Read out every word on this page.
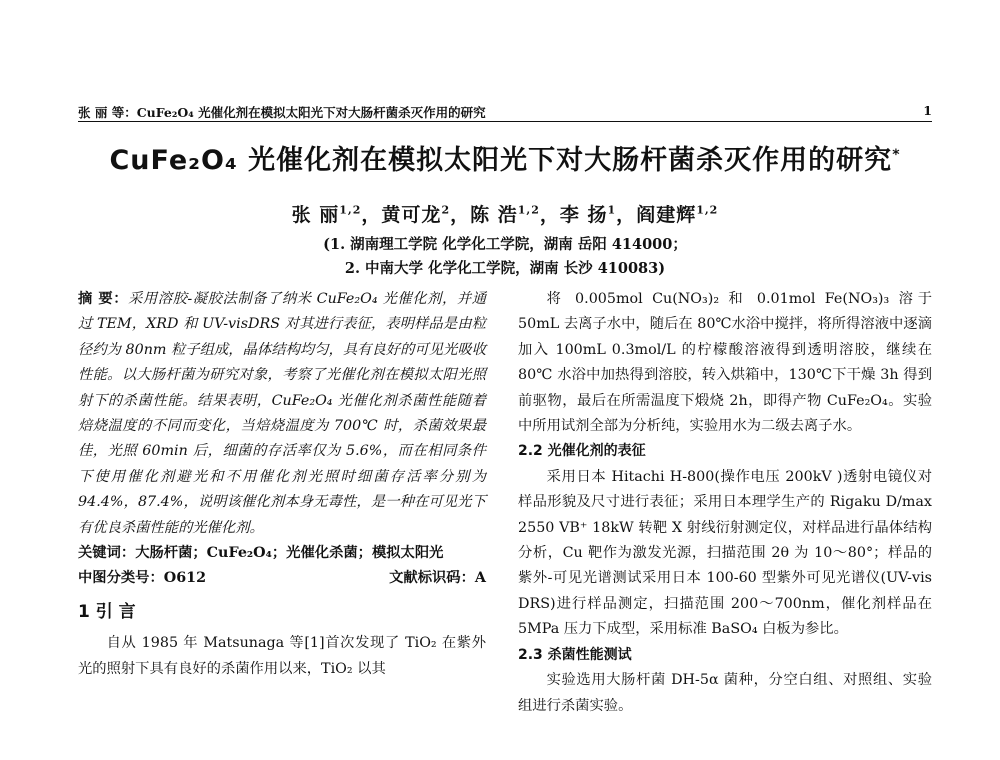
张 丽 等：CuFe₂O₄ 光催化剂在模拟太阳光下对大肠杆菌杀灭作用的研究	1
CuFe₂O₄ 光催化剂在模拟太阳光下对大肠杆菌杀灭作用的研究*
张 丽$^{1,2}$，黄可龙$^2$，陈 浩$^{1,2}$，李 扬$^1$，阎建辉$^{1,2}$
(1. 湖南理工学院 化学化工学院，湖南 岳阳 414000；
2. 中南大学 化学化工学院，湖南 长沙 410083)

摘 要：采用溶胶-凝胶法制备了纳米 CuFe₂O₄ 光催化剂，并通过 TEM，XRD 和 UV-visDRS 对其进行表征，表明样品是由粒径约为 80nm 粒子组成，晶体结构均匀，具有良好的可见光吸收性能。以大肠杆菌为研究对象，考察了光催化剂在模拟太阳光照射下的杀菌性能。结果表明，CuFe₂O₄ 光催化剂杀菌性能随着焙烧温度的不同而变化，当焙烧温度为 700℃ 时，杀菌效果最佳，光照 60min 后，细菌的存活率仅为 5.6%，而在相同条件下使用催化剂避光和不用催化剂光照时细菌存活率分别为 94.4%，87.4%，说明该催化剂本身无毒性，是一种在可见光下有优良杀菌性能的光催化剂。

关键词：大肠杆菌；CuFe₂O₄；光催化杀菌；模拟太阳光

中图分类号：O612	文献标识码：A
1 引 言

自从 1985 年 Matsunaga 等[1]首次发现了 TiO₂ 在紫外光的照射下具有良好的杀菌作用以来，TiO₂ 以其

将 0.005mol Cu(NO₃)₂ 和 0.01mol Fe(NO₃)₃ 溶于 50mL 去离子水中，随后在 80℃水浴中搅拌，将所得溶液中逐滴加入 100mL 0.3mol/L 的柠檬酸溶液得到透明溶胶，继续在 80℃ 水浴中加热得到溶胶，转入烘箱中，130℃下干燥 3h 得到前驱物，最后在所需温度下煅烧 2h，即得产物 CuFe₂O₄。实验中所用试剂全部为分析纯，实验用水为二级去离子水。

2.2 光催化剂的表征

采用日本 Hitachi H-800(操作电压 200kV )透射电镜仪对样品形貌及尺寸进行表征；采用日本理学生产的 Rigaku D/max 2550 VB⁺ 18kW 转靶 X 射线衍射测定仪，对样品进行晶体结构分析，Cu 靶作为激发光源，扫描范围 2θ 为 10～80°；样品的紫外-可见光谱测试采用日本 100-60 型紫外可见光谱仪(UV-vis DRS)进行样品测定，扫描范围 200～700nm，催化剂样品在 5MPa 压力下成型，采用标准 BaSO₄ 白板为参比。

2.3 杀菌性能测试

实验选用大肠杆菌 DH-5α 菌种，分空白组、对照组、实验组进行杀菌实验。
